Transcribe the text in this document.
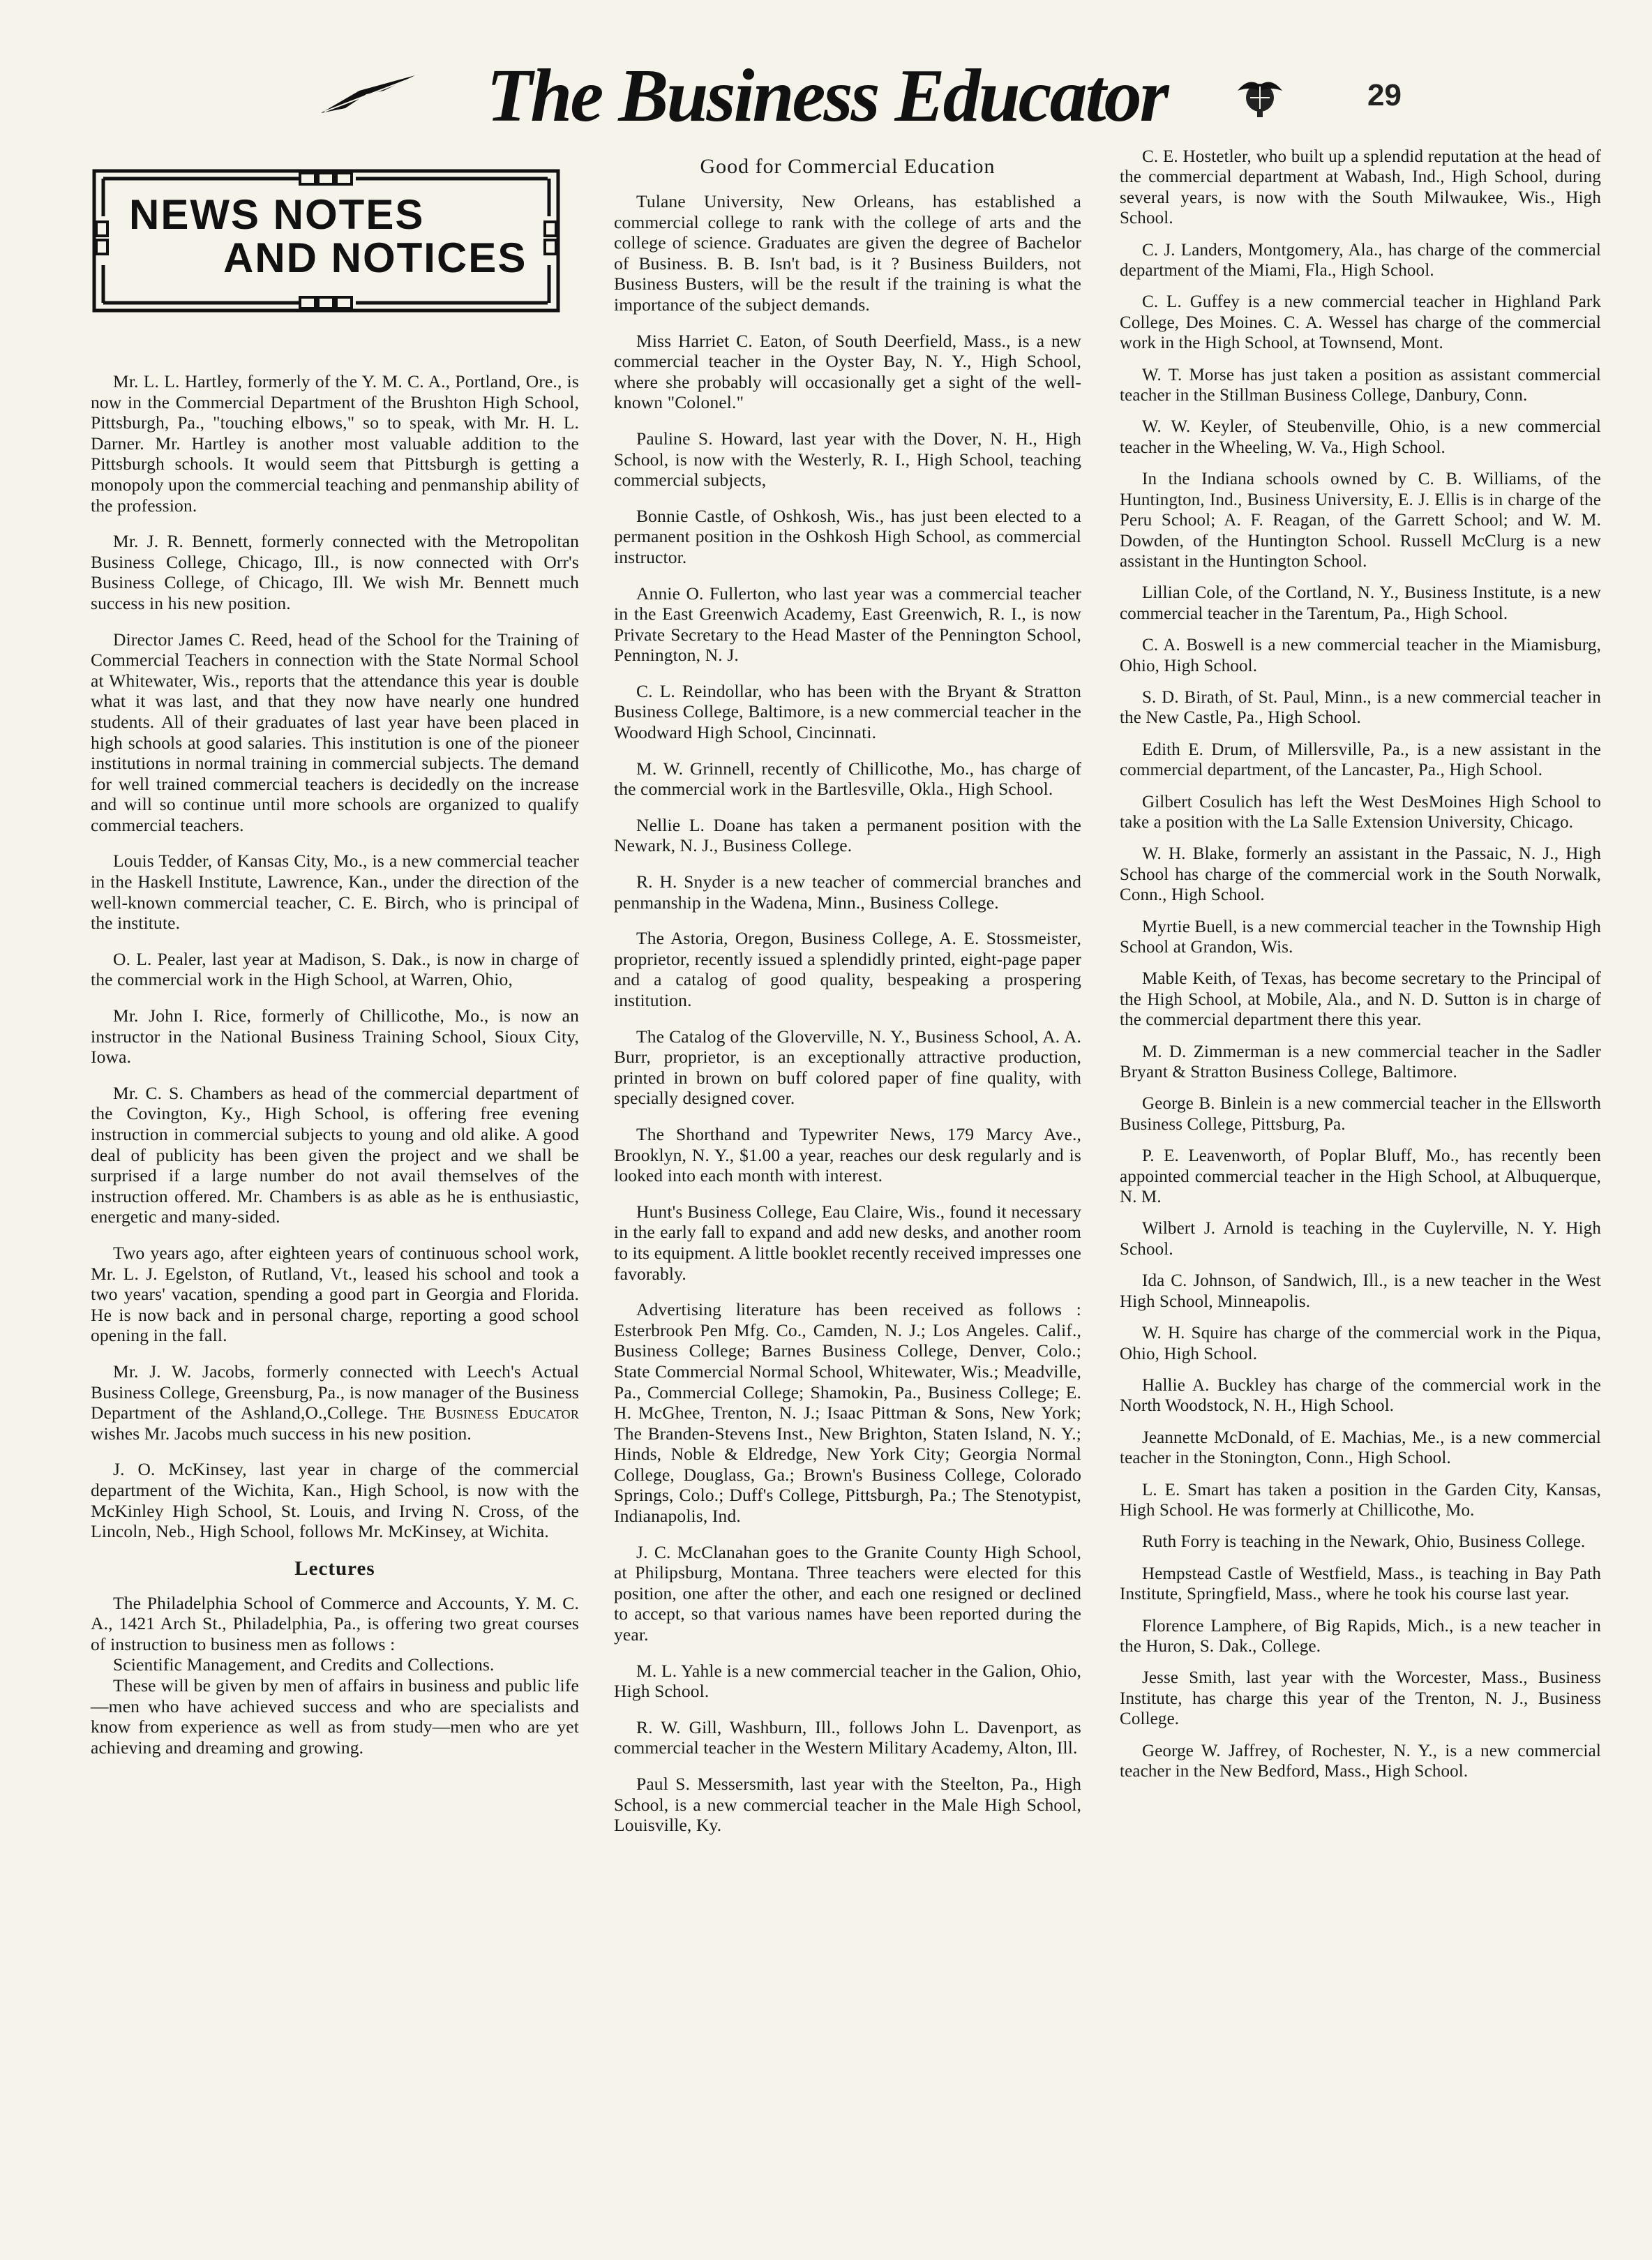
The Business Educator	29
NEWS NOTES
AND NOTICES

Mr. L. L. Hartley, formerly of the Y. M. C. A., Portland, Ore., is now in the Commercial Department of the Brushton High School, Pittsburgh, Pa., "touching elbows," so to speak, with Mr. H. L. Darner. Mr. Hartley is another most valuable addition to the Pittsburgh schools. It would seem that Pittsburgh is getting a monopoly upon the commercial teaching and penmanship ability of the profession.

Mr. J. R. Bennett, formerly connected with the Metropolitan Business College, Chicago, Ill., is now connected with Orr's Business College, of Chicago, Ill. We wish Mr. Bennett much success in his new position.

Director James C. Reed, head of the School for the Training of Commercial Teachers in connection with the State Normal School at Whitewater, Wis., reports that the attendance this year is double what it was last, and that they now have nearly one hundred students. All of their graduates of last year have been placed in high schools at good salaries. This institution is one of the pioneer institutions in normal training in commercial subjects. The demand for well trained commercial teachers is decidedly on the increase and will so continue until more schools are organized to qualify commercial teachers.

Louis Tedder, of Kansas City, Mo., is a new commercial teacher in the Haskell Institute, Lawrence, Kan., under the direction of the well-known commercial teacher, C. E. Birch, who is principal of the institute.

O. L. Pealer, last year at Madison, S. Dak., is now in charge of the commercial work in the High School, at Warren, Ohio,

Mr. John I. Rice, formerly of Chillicothe, Mo., is now an instructor in the National Business Training School, Sioux City, Iowa.

Mr. C. S. Chambers as head of the commercial department of the Covington, Ky., High School, is offering free evening instruction in commercial subjects to young and old alike. A good deal of publicity has been given the project and we shall be surprised if a large number do not avail themselves of the instruction offered. Mr. Chambers is as able as he is enthusiastic, energetic and many-sided.

Two years ago, after eighteen years of continuous school work, Mr. L. J. Egelston, of Rutland, Vt., leased his school and took a two years' vacation, spending a good part in Georgia and Florida. He is now back and in personal charge, reporting a good school opening in the fall.

Mr. J. W. Jacobs, formerly connected with Leech's Actual Business College, Greensburg, Pa., is now manager of the Business Department of the Ashland,O.,College. The Business Educator wishes Mr. Jacobs much success in his new position.

J. O. McKinsey, last year in charge of the commercial department of the Wichita, Kan., High School, is now with the McKinley High School, St. Louis, and Irving N. Cross, of the Lincoln, Neb., High School, follows Mr. McKinsey, at Wichita.

Lectures

The Philadelphia School of Commerce and Accounts, Y. M. C. A., 1421 Arch St., Philadelphia, Pa., is offering two great courses of instruction to business men as follows :

Scientific Management, and Credits and Collections.

These will be given by men of affairs in business and public life—men who have achieved success and who are specialists and know from experience as well as from study—men who are yet achieving and dreaming and growing.

Good for Commercial Education

Tulane University, New Orleans, has established a commercial college to rank with the college of arts and the college of science. Graduates are given the degree of Bachelor of Business. B. B. Isn't bad, is it ? Business Builders, not Business Busters, will be the result if the training is what the importance of the subject demands.

Miss Harriet C. Eaton, of South Deerfield, Mass., is a new commercial teacher in the Oyster Bay, N. Y., High School, where she probably will occasionally get a sight of the well-known "Colonel."

Pauline S. Howard, last year with the Dover, N. H., High School, is now with the Westerly, R. I., High School, teaching commercial subjects,

Bonnie Castle, of Oshkosh, Wis., has just been elected to a permanent position in the Oshkosh High School, as commercial instructor.

Annie O. Fullerton, who last year was a commercial teacher in the East Greenwich Academy, East Greenwich, R. I., is now Private Secretary to the Head Master of the Pennington School, Pennington, N. J.

C. L. Reindollar, who has been with the Bryant & Stratton Business College, Baltimore, is a new commercial teacher in the Woodward High School, Cincinnati.

M. W. Grinnell, recently of Chillicothe, Mo., has charge of the commercial work in the Bartlesville, Okla., High School.

Nellie L. Doane has taken a permanent position with the Newark, N. J., Business College.

R. H. Snyder is a new teacher of commercial branches and penmanship in the Wadena, Minn., Business College.

The Astoria, Oregon, Business College, A. E. Stossmeister, proprietor, recently issued a splendidly printed, eight-page paper and a catalog of good quality, bespeaking a prospering institution.

The Catalog of the Gloverville, N. Y., Business School, A. A. Burr, proprietor, is an exceptionally attractive production, printed in brown on buff colored paper of fine quality, with specially designed cover.

The Shorthand and Typewriter News, 179 Marcy Ave., Brooklyn, N. Y., $1.00 a year, reaches our desk regularly and is looked into each month with interest.

Hunt's Business College, Eau Claire, Wis., found it necessary in the early fall to expand and add new desks, and another room to its equipment. A little booklet recently received impresses one favorably.

Advertising literature has been received as follows : Esterbrook Pen Mfg. Co., Camden, N. J.; Los Angeles. Calif., Business College; Barnes Business College, Denver, Colo.; State Commercial Normal School, Whitewater, Wis.; Meadville, Pa., Commercial College; Shamokin, Pa., Business College; E. H. McGhee, Trenton, N. J.; Isaac Pittman & Sons, New York; The Branden-Stevens Inst., New Brighton, Staten Island, N. Y.; Hinds, Noble & Eldredge, New York City; Georgia Normal College, Douglass, Ga.; Brown's Business College, Colorado Springs, Colo.; Duff's College, Pittsburgh, Pa.; The Stenotypist, Indianapolis, Ind.

J. C. McClanahan goes to the Granite County High School, at Philipsburg, Montana. Three teachers were elected for this position, one after the other, and each one resigned or declined to accept, so that various names have been reported during the year.

M. L. Yahle is a new commercial teacher in the Galion, Ohio, High School.

R. W. Gill, Washburn, Ill., follows John L. Davenport, as commercial teacher in the Western Military Academy, Alton, Ill.

Paul S. Messersmith, last year with the Steelton, Pa., High School, is a new commercial teacher in the Male High School, Louisville, Ky.

C. E. Hostetler, who built up a splendid reputation at the head of the commercial department at Wabash, Ind., High School, during several years, is now with the South Milwaukee, Wis., High School.

C. J. Landers, Montgomery, Ala., has charge of the commercial department of the Miami, Fla., High School.

C. L. Guffey is a new commercial teacher in Highland Park College, Des Moines. C. A. Wessel has charge of the commercial work in the High School, at Townsend, Mont.

W. T. Morse has just taken a position as assistant commercial teacher in the Stillman Business College, Danbury, Conn.

W. W. Keyler, of Steubenville, Ohio, is a new commercial teacher in the Wheeling, W. Va., High School.

In the Indiana schools owned by C. B. Williams, of the Huntington, Ind., Business University, E. J. Ellis is in charge of the Peru School; A. F. Reagan, of the Garrett School; and W. M. Dowden, of the Huntington School. Russell McClurg is a new assistant in the Huntington School.

Lillian Cole, of the Cortland, N. Y., Business Institute, is a new commercial teacher in the Tarentum, Pa., High School.

C. A. Boswell is a new commercial teacher in the Miamisburg, Ohio, High School.

S. D. Birath, of St. Paul, Minn., is a new commercial teacher in the New Castle, Pa., High School.

Edith E. Drum, of Millersville, Pa., is a new assistant in the commercial department, of the Lancaster, Pa., High School.

Gilbert Cosulich has left the West DesMoines High School to take a position with the La Salle Extension University, Chicago.

W. H. Blake, formerly an assistant in the Passaic, N. J., High School has charge of the commercial work in the South Norwalk, Conn., High School.

Myrtie Buell, is a new commercial teacher in the Township High School at Grandon, Wis.

Mable Keith, of Texas, has become secretary to the Principal of the High School, at Mobile, Ala., and N. D. Sutton is in charge of the commercial department there this year.

M. D. Zimmerman is a new commercial teacher in the Sadler Bryant & Stratton Business College, Baltimore.

George B. Binlein is a new commercial teacher in the Ellsworth Business College, Pittsburg, Pa.

P. E. Leavenworth, of Poplar Bluff, Mo., has recently been appointed commercial teacher in the High School, at Albuquerque, N. M.

Wilbert J. Arnold is teaching in the Cuylerville, N. Y. High School.

Ida C. Johnson, of Sandwich, Ill., is a new teacher in the West High School, Minneapolis.

W. H. Squire has charge of the commercial work in the Piqua, Ohio, High School.

Hallie A. Buckley has charge of the commercial work in the North Woodstock, N. H., High School.

Jeannette McDonald, of E. Machias, Me., is a new commercial teacher in the Stonington, Conn., High School.

L. E. Smart has taken a position in the Garden City, Kansas, High School. He was formerly at Chillicothe, Mo.

Ruth Forry is teaching in the Newark, Ohio, Business College.

Hempstead Castle of Westfield, Mass., is teaching in Bay Path Institute, Springfield, Mass., where he took his course last year.

Florence Lamphere, of Big Rapids, Mich., is a new teacher in the Huron, S. Dak., College.

Jesse Smith, last year with the Worcester, Mass., Business Institute, has charge this year of the Trenton, N. J., Business College.

George W. Jaffrey, of Rochester, N. Y., is a new commercial teacher in the New Bedford, Mass., High School.
